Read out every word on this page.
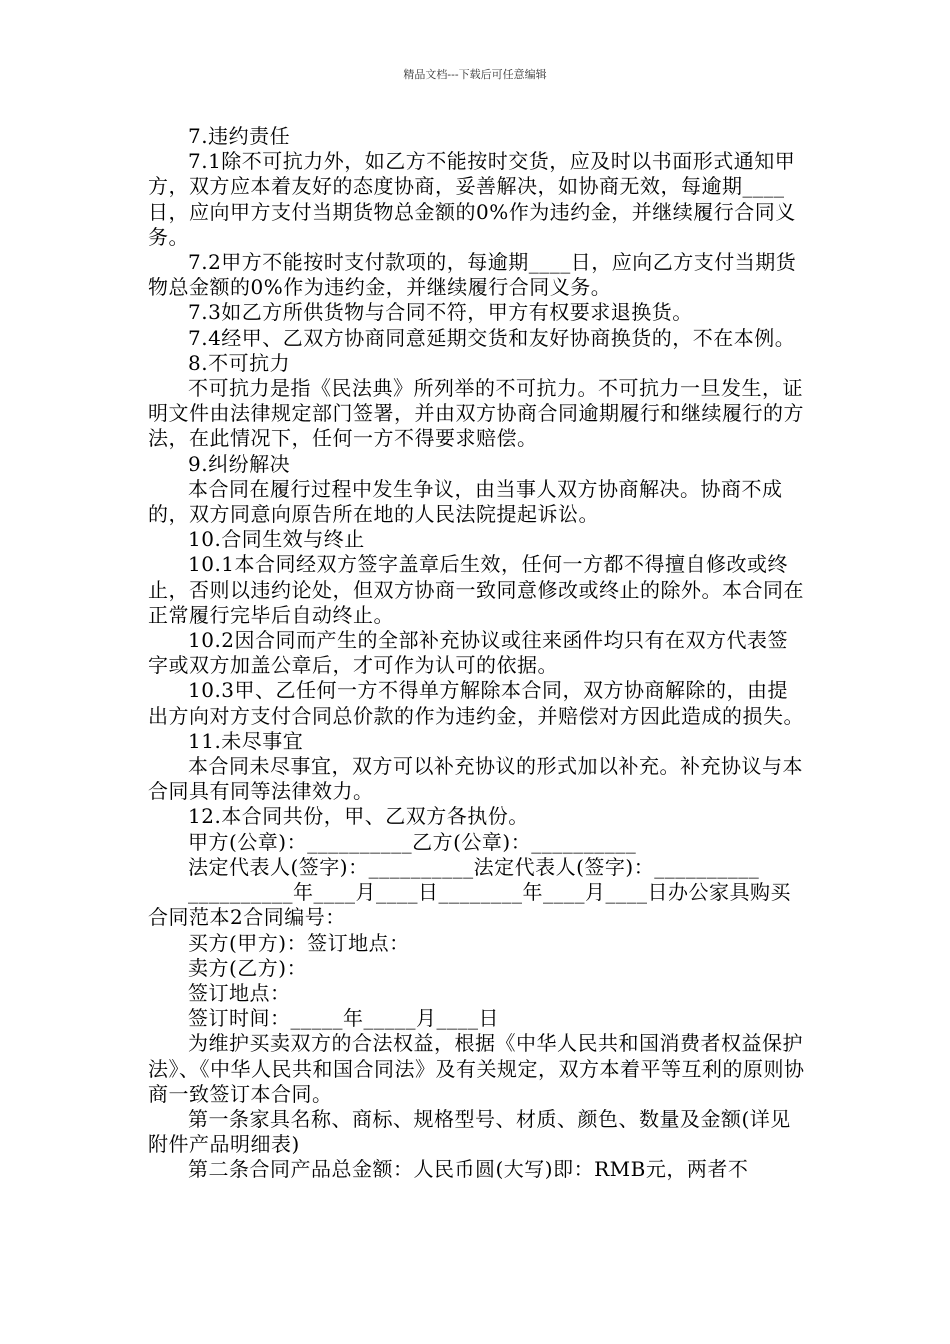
精品文档---下载后可任意编辑

7.违约责任

7.1除不可抗力外，如乙方不能按时交货，应及时以书面形式通知甲方，双方应本着友好的态度协商，妥善解决，如协商无效，每逾期____日，应向甲方支付当期货物总金额的0%作为违约金，并继续履行合同义务。

7.2甲方不能按时支付款项的，每逾期____日，应向乙方支付当期货物总金额的0%作为违约金，并继续履行合同义务。

7.3如乙方所供货物与合同不符，甲方有权要求退换货。

7.4经甲、乙双方协商同意延期交货和友好协商换货的，不在本例。

8.不可抗力

不可抗力是指《民法典》所列举的不可抗力。不可抗力一旦发生，证明文件由法律规定部门签署，并由双方协商合同逾期履行和继续履行的方法，在此情况下，任何一方不得要求赔偿。

9.纠纷解决

本合同在履行过程中发生争议，由当事人双方协商解决。协商不成的，双方同意向原告所在地的人民法院提起诉讼。

10.合同生效与终止

10.1本合同经双方签字盖章后生效，任何一方都不得擅自修改或终止，否则以违约论处，但双方协商一致同意修改或终止的除外。本合同在正常履行完毕后自动终止。

10.2因合同而产生的全部补充协议或往来函件均只有在双方代表签字或双方加盖公章后，才可作为认可的依据。

10.3甲、乙任何一方不得单方解除本合同，双方协商解除的，由提出方向对方支付合同总价款的作为违约金，并赔偿对方因此造成的损失。

11.未尽事宜

本合同未尽事宜，双方可以补充协议的形式加以补充。补充协议与本合同具有同等法律效力。

12.本合同共份，甲、乙双方各执份。

甲方(公章)：__________乙方(公章)：__________

法定代表人(签字)：__________法定代表人(签字)：__________

__________年____月____日________年____月____日办公家具购买合同范本2合同编号：

买方(甲方)：签订地点：

卖方(乙方)：

签订地点：

签订时间：_____年_____月____日

为维护买卖双方的合法权益，根据《中华人民共和国消费者权益保护法》、《中华人民共和国合同法》及有关规定，双方本着平等互利的原则协商一致签订本合同。

第一条家具名称、商标、规格型号、材质、颜色、数量及金额(详见附件产品明细表)

第二条合同产品总金额：人民币圆(大写)即：RMB元，两者不
